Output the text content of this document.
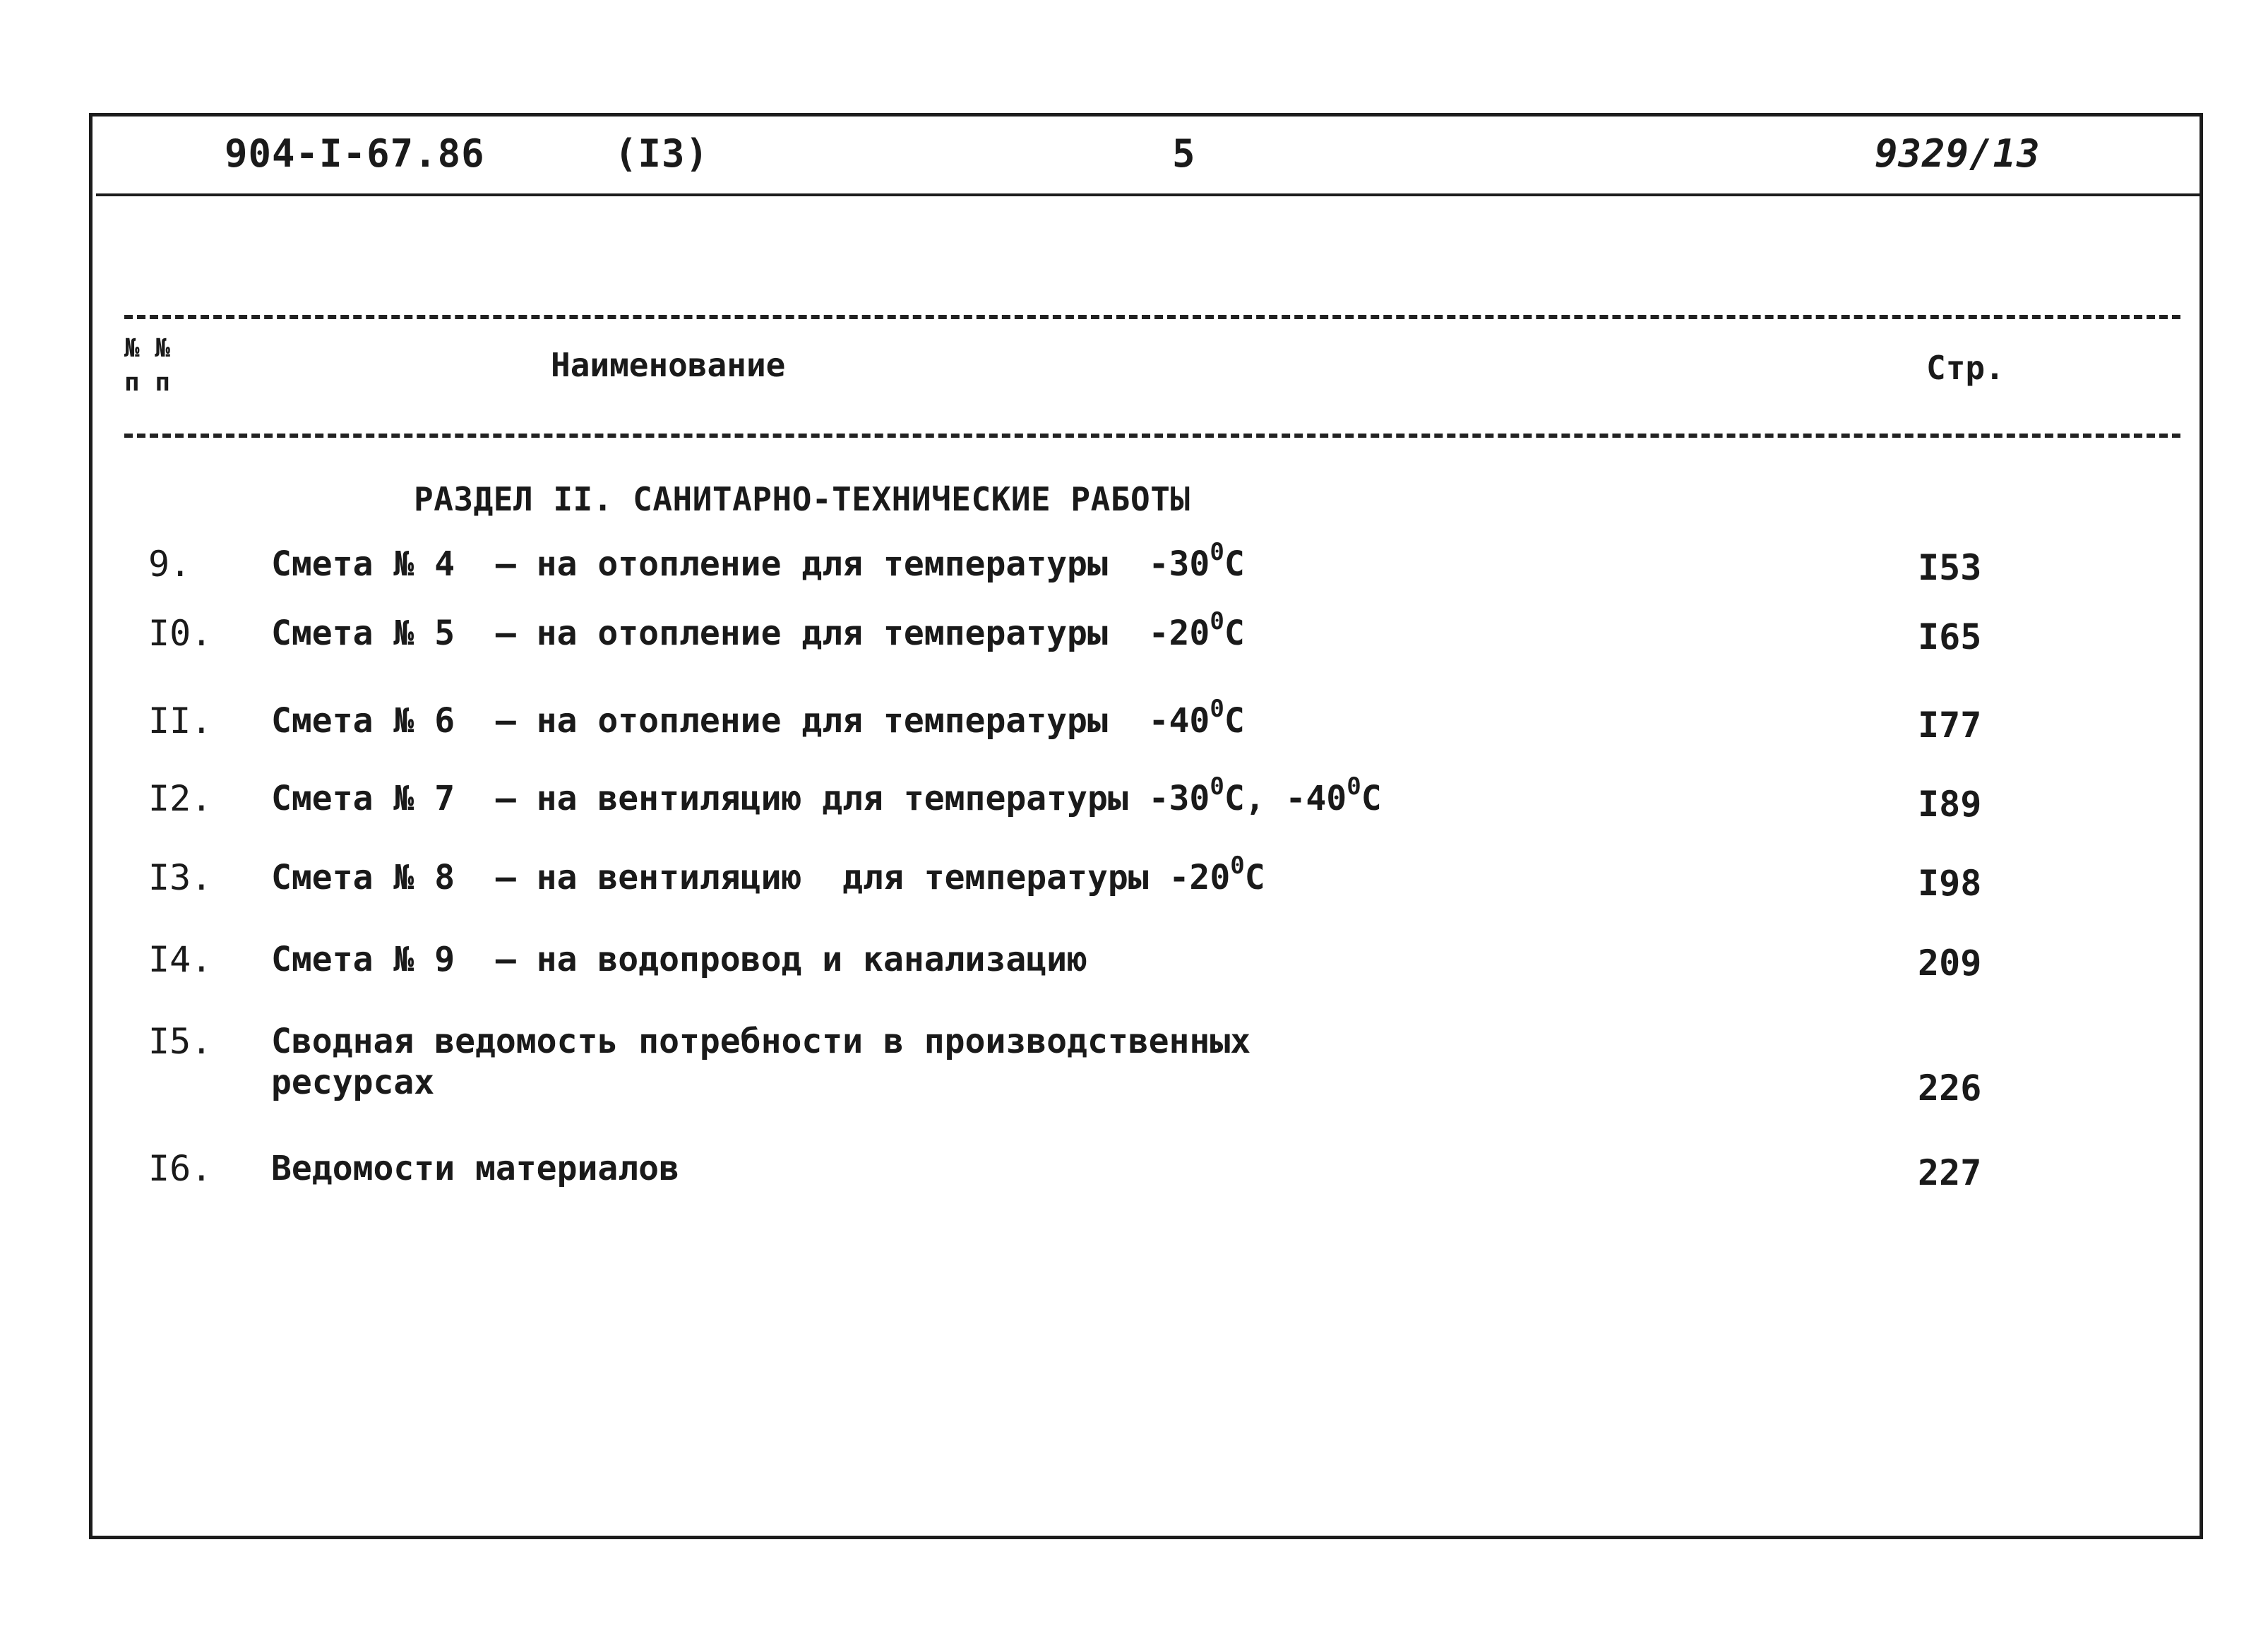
904-I-67.86	(I3)	5	9329/13
№ №
п п	Наименование	Стр.
РАЗДЕЛ II. САНИТАРНО-ТЕХНИЧЕСКИЕ РАБОТЫ
9. Смета № 4  – на отопление для температуры  $-30^0C$	I53
I0. Смета № 5  – на отопление для температуры  $-20^0C$	I65
II. Смета № 6  – на отопление для температуры  $-40^0C$	I77
I2. Смета № 7  – на вентиляцию для температуры $-30^0C$, $-40^0C$	I89
I3. Смета № 8  – на вентиляцию  для температуры $-20^0C$	I98
I4. Смета № 9  – на водопровод и канализацию	209
I5. Сводная ведомость потребности в производственных
ресурсах	226
I6. Ведомости материалов	227
